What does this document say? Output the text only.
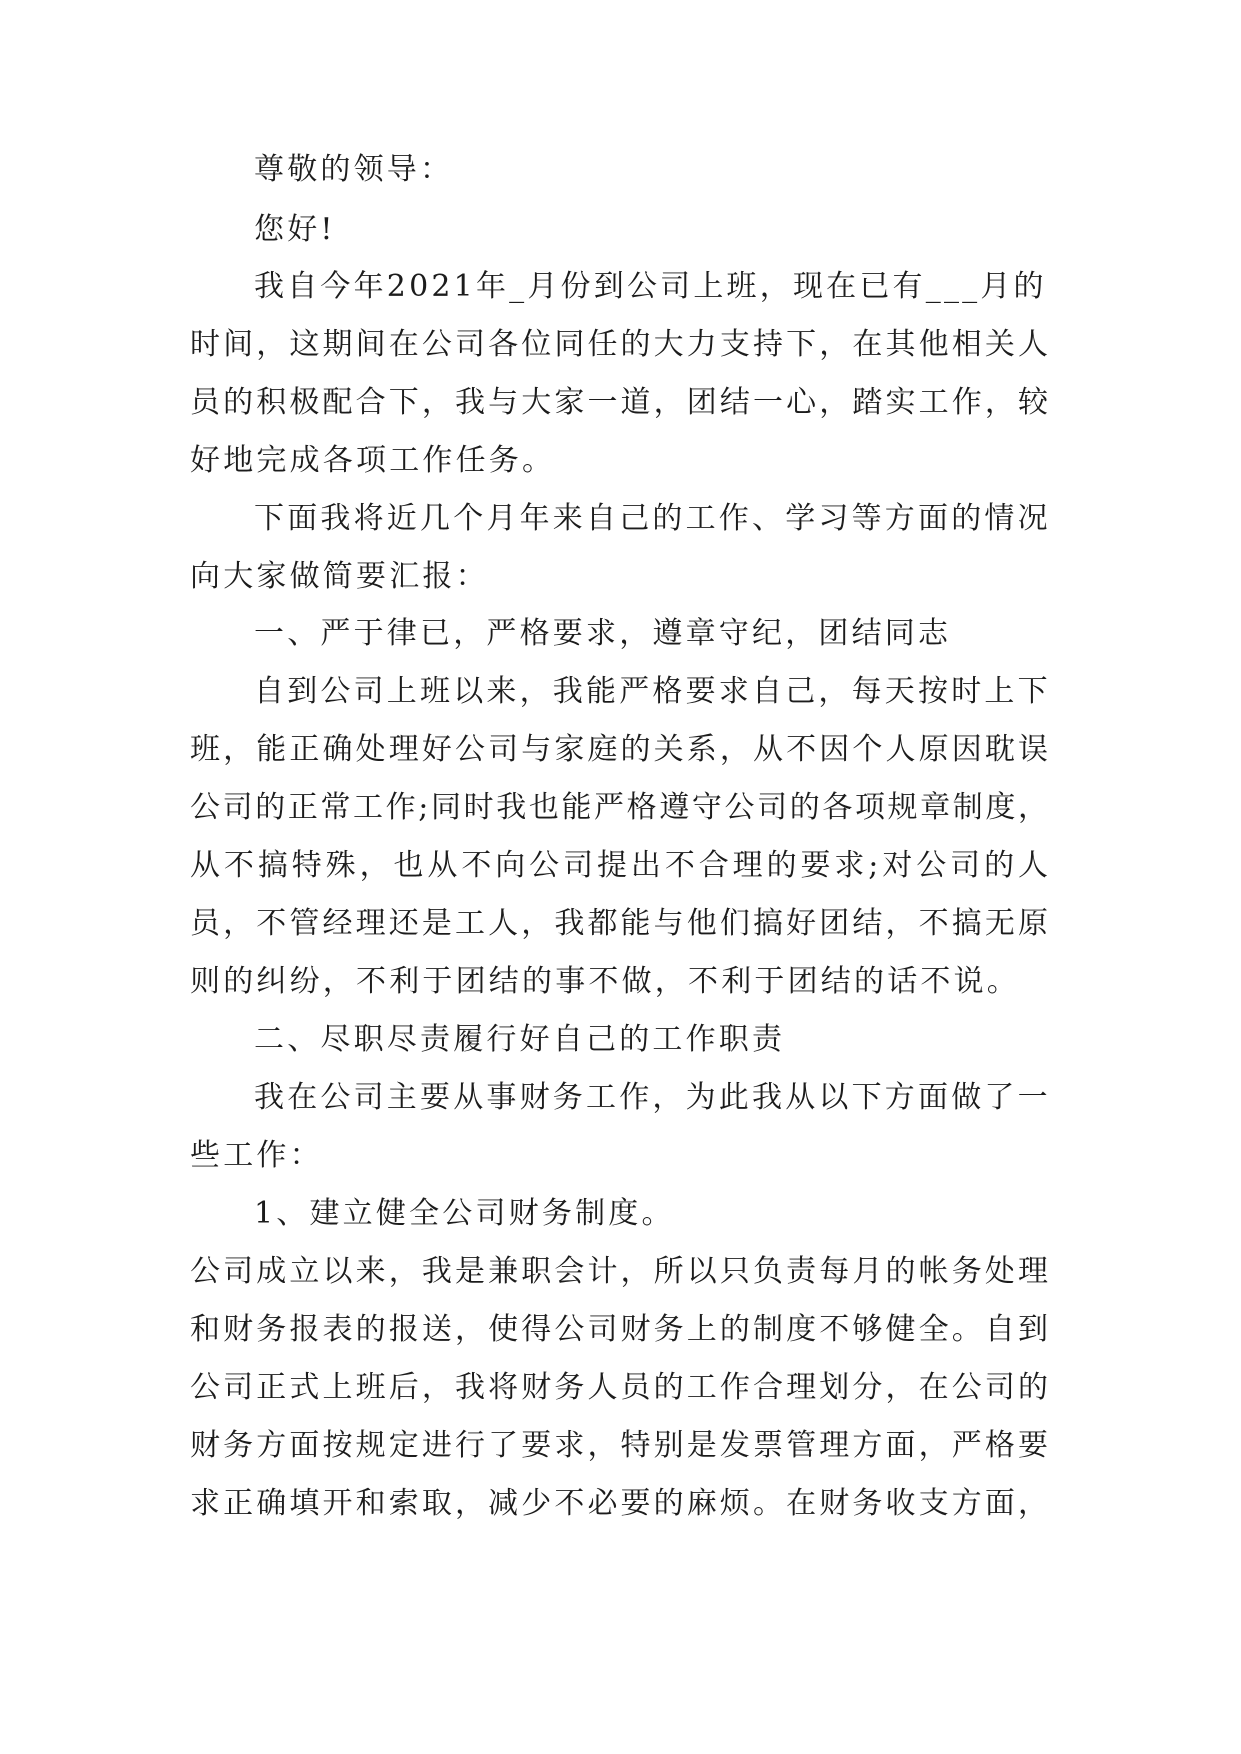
尊敬的领导：
您好!
我自今年2021年_月份到公司上班，现在已有___月的
时间，这期间在公司各位同任的大力支持下，在其他相关人
员的积极配合下，我与大家一道，团结一心，踏实工作，较
好地完成各项工作任务。
下面我将近几个月年来自己的工作、学习等方面的情况
向大家做简要汇报：
一、严于律已，严格要求，遵章守纪，团结同志
自到公司上班以来，我能严格要求自己，每天按时上下
班，能正确处理好公司与家庭的关系，从不因个人原因耽误
公司的正常工作;同时我也能严格遵守公司的各项规章制度，
从不搞特殊，也从不向公司提出不合理的要求;对公司的人
员，不管经理还是工人，我都能与他们搞好团结，不搞无原
则的纠纷，不利于团结的事不做，不利于团结的话不说。
二、尽职尽责履行好自己的工作职责
我在公司主要从事财务工作，为此我从以下方面做了一
些工作：
1、建立健全公司财务制度。
公司成立以来，我是兼职会计，所以只负责每月的帐务处理
和财务报表的报送，使得公司财务上的制度不够健全。自到
公司正式上班后，我将财务人员的工作合理划分，在公司的
财务方面按规定进行了要求，特别是发票管理方面，严格要
求正确填开和索取，减少不必要的麻烦。在财务收支方面，
